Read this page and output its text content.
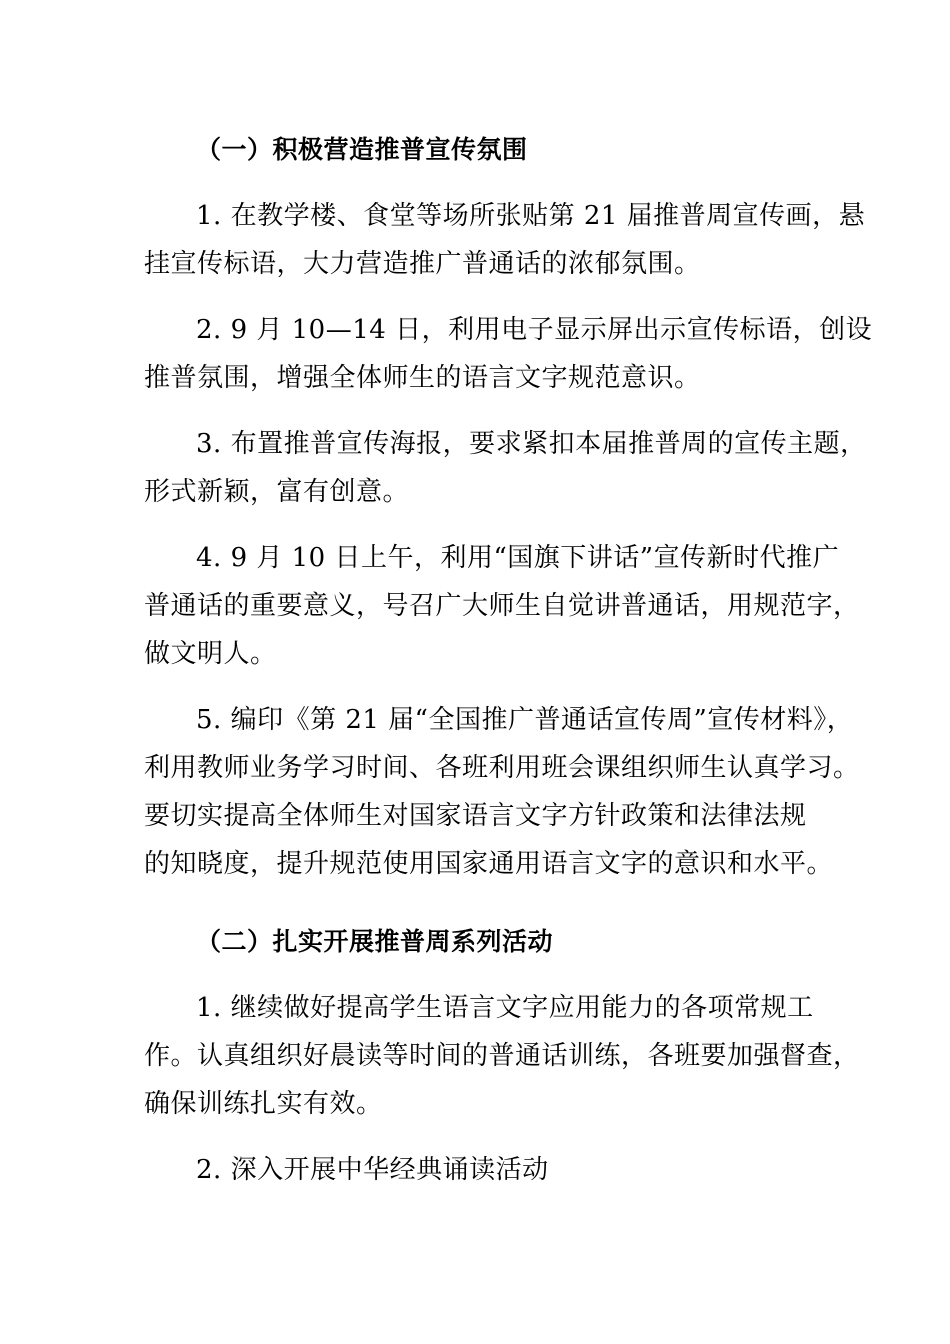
（一）积极营造推普宣传氛围
1. 在教学楼、食堂等场所张贴第 21 届推普周宣传画，悬
挂宣传标语，大力营造推广普通话的浓郁氛围。
2. 9 月 10—14 日，利用电子显示屏出示宣传标语，创设
推普氛围，增强全体师生的语言文字规范意识。
3. 布置推普宣传海报，要求紧扣本届推普周的宣传主题，
形式新颖，富有创意。
4. 9 月 10 日上午，利用“国旗下讲话”宣传新时代推广
普通话的重要意义，号召广大师生自觉讲普通话，用规范字，
做文明人。
5. 编印《第 21 届“全国推广普通话宣传周”宣传材料》，
利用教师业务学习时间、各班利用班会课组织师生认真学习。
要切实提高全体师生对国家语言文字方针政策和法律法规
的知晓度，提升规范使用国家通用语言文字的意识和水平。
（二）扎实开展推普周系列活动
1. 继续做好提高学生语言文字应用能力的各项常规工
作。认真组织好晨读等时间的普通话训练，各班要加强督查，
确保训练扎实有效。
2. 深入开展中华经典诵读活动
